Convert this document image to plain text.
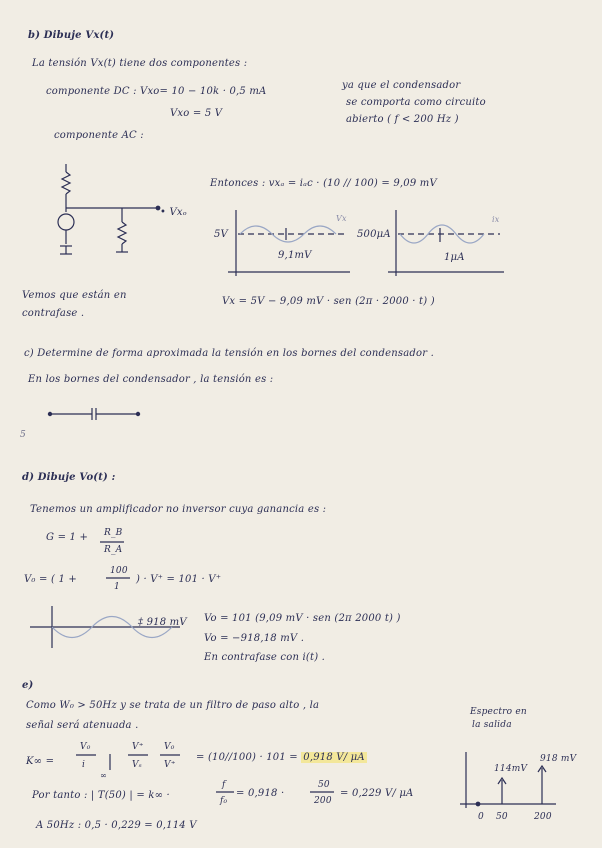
b) Dibuje Vx(t)
La tensión Vx(t) tiene dos componentes :
componente DC : Vxo= 10 − 10k · 0,5 mA
Vxo = 5 V
ya que el condensador
se comporta como circuito
abierto ( f < 200 Hz )
componente AC :
Entonces : vxₐ = iₐc · (10 // 100) = 9,09 mV
• Vxₒ
5V
9,1mV
Vx
500μA
1μA
ix
Vemos que están en
contrafase .
Vx = 5V − 9,09 mV · sen (2π · 2000 · t) )
c) Determine de forma aproximada la tensión en los bornes del condensador .
En los bornes del condensador , la tensión es :
5
d) Dibuje Vo(t) :
Tenemos un amplificador no inversor cuya ganancia es :
G = 1 + R_B
R_A
V₀ = ( 1 +
100
1
) · V⁺ = 101 · V⁺
‡ 918 mV Vo = 101 (9,09 mV · sen (2π 2000 t) )
Vo = −918,18 mV .
En contrafase con i(t) .
e)
Como W₀ > 50Hz y se trata de un filtro de paso alto , la
señal será atenuada .
Espectro en
la salida
K∞ =
V₀
i
∞
V⁺
Vₛ
V₀
V⁺
= (10//100) · 101 = 0,918 V/ μA
Por tanto : | T(50) | = k∞ ·
f
f₀
= 0,918 ·
50
200
= 0,229 V/ μA
A 50Hz : 0,5 · 0,229 = 0,114 V
114mV
918 mV
0 50	200
